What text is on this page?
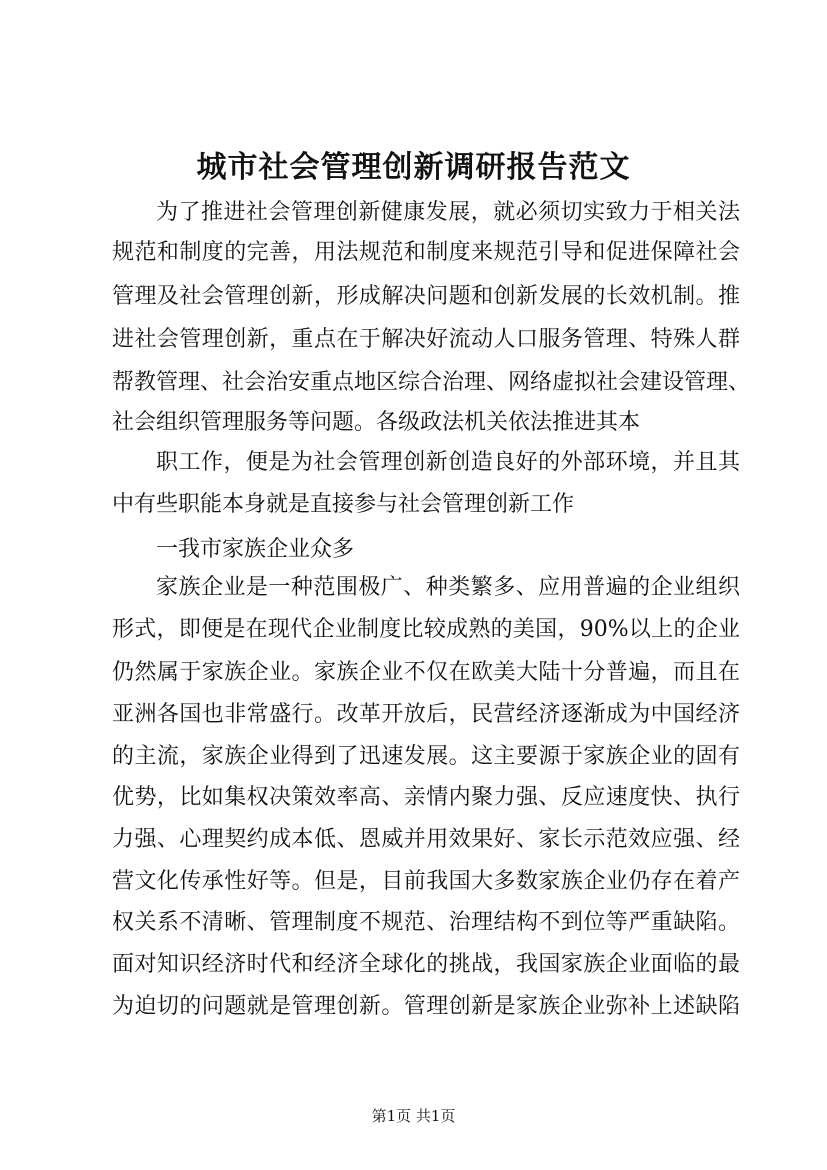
城市社会管理创新调研报告范文
为了推进社会管理创新健康发展，就必须切实致力于相关法
规范和制度的完善，用法规范和制度来规范引导和促进保障社会
管理及社会管理创新，形成解决问题和创新发展的长效机制。推
进社会管理创新，重点在于解决好流动人口服务管理、特殊人群
帮教管理、社会治安重点地区综合治理、网络虚拟社会建设管理、
社会组织管理服务等问题。各级政法机关依法推进其本
职工作，便是为社会管理创新创造良好的外部环境，并且其
中有些职能本身就是直接参与社会管理创新工作
一我市家族企业众多
家族企业是一种范围极广、种类繁多、应用普遍的企业组织
形式，即便是在现代企业制度比较成熟的美国，90%以上的企业
仍然属于家族企业。家族企业不仅在欧美大陆十分普遍，而且在
亚洲各国也非常盛行。改革开放后，民营经济逐渐成为中国经济
的主流，家族企业得到了迅速发展。这主要源于家族企业的固有
优势，比如集权决策效率高、亲情内聚力强、反应速度快、执行
力强、心理契约成本低、恩威并用效果好、家长示范效应强、经
营文化传承性好等。但是，目前我国大多数家族企业仍存在着产
权关系不清晰、管理制度不规范、治理结构不到位等严重缺陷。
面对知识经济时代和经济全球化的挑战，我国家族企业面临的最
为迫切的问题就是管理创新。管理创新是家族企业弥补上述缺陷
第1页 共1页
